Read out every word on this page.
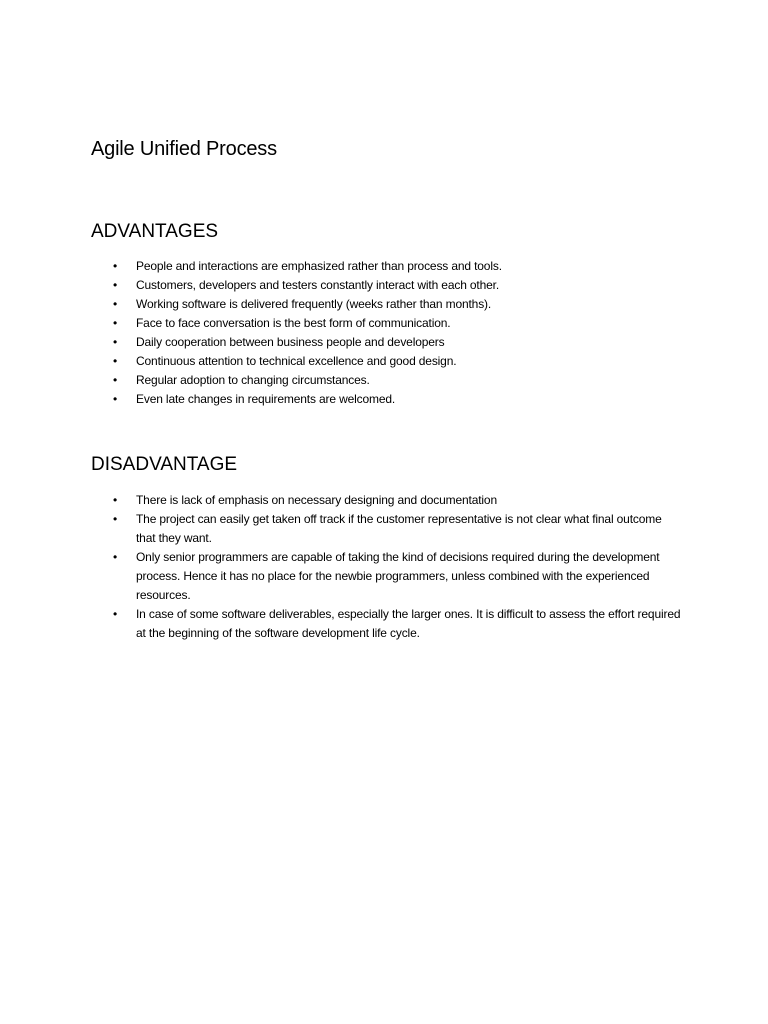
Agile Unified Process
ADVANTAGES
• People and interactions are emphasized rather than process and tools.
• Customers, developers and testers constantly interact with each other.
• Working software is delivered frequently (weeks rather than months).
• Face to face conversation is the best form of communication.
• Daily cooperation between business people and developers
• Continuous attention to technical excellence and good design.
• Regular adoption to changing circumstances.
• Even late changes in requirements are welcomed.
DISADVANTAGE
• There is lack of emphasis on necessary designing and documentation
• The project can easily get taken off track if the customer representative is not clear what final outcome that they want.
• Only senior programmers are capable of taking the kind of decisions required during the development process. Hence it has no place for the newbie programmers, unless combined with the experienced resources.
• In case of some software deliverables, especially the larger ones. It is difficult to assess the effort required at the beginning of the software development life cycle.
